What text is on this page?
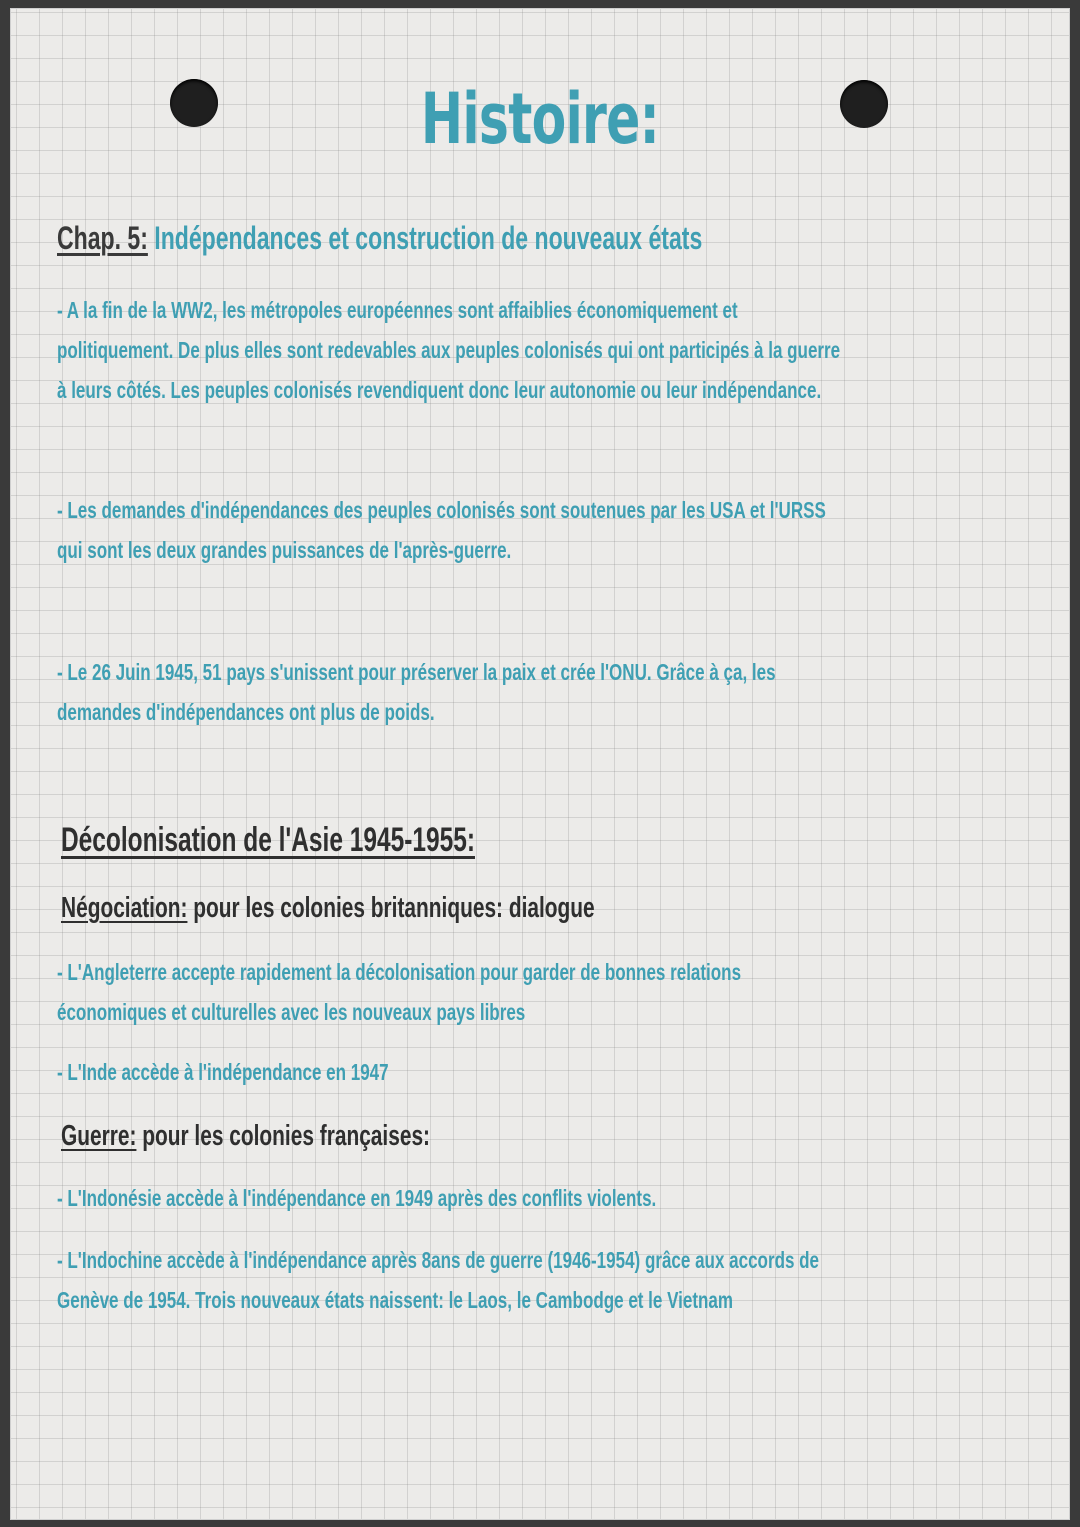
Histoire:
Chap. 5: Indépendances et construction de nouveaux états
- A la fin de la WW2, les métropoles européennes sont affaiblies économiquement et
politiquement. De plus elles sont redevables aux peuples colonisés qui ont participés à la guerre
à leurs côtés. Les peuples colonisés revendiquent donc leur autonomie ou leur indépendance.
- Les demandes d'indépendances des peuples colonisés sont soutenues par les USA et l'URSS
qui sont les deux grandes puissances de l'après-guerre.
- Le 26 Juin 1945, 51 pays s'unissent pour préserver la paix et crée l'ONU. Grâce à ça, les
demandes d'indépendances ont plus de poids.
Décolonisation de l'Asie 1945-1955:
Négociation: pour les colonies britanniques: dialogue
- L'Angleterre accepte rapidement la décolonisation pour garder de bonnes relations
économiques et culturelles avec les nouveaux pays libres
- L'Inde accède à l'indépendance en 1947
Guerre: pour les colonies françaises:
- L'Indonésie accède à l'indépendance en 1949 après des conflits violents.
- L'Indochine accède à l'indépendance après 8ans de guerre (1946-1954) grâce aux accords de
Genève de 1954. Trois nouveaux états naissent: le Laos, le Cambodge et le Vietnam
